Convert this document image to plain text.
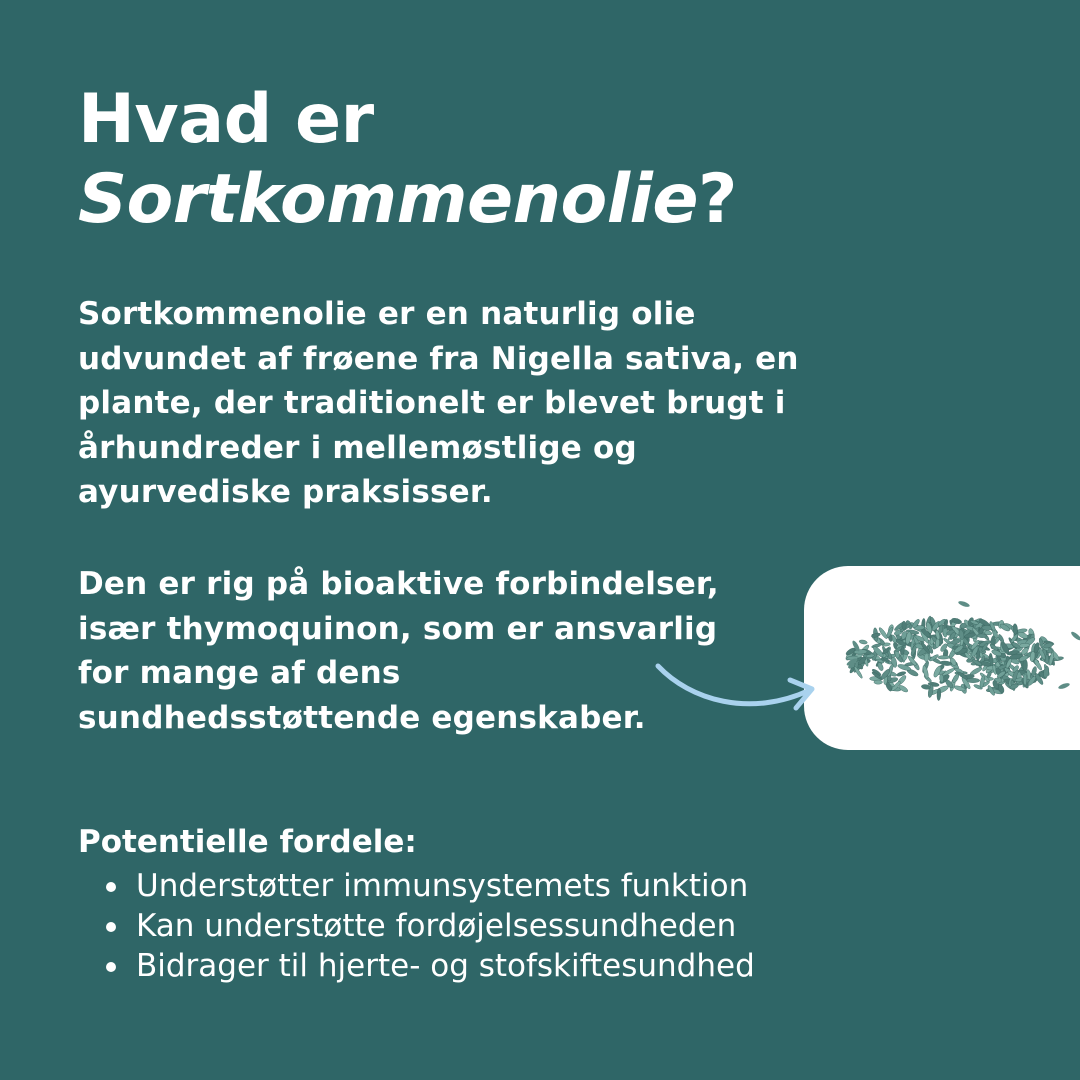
Hvad er
Sortkommenolie?

Sortkommenolie er en naturlig olie
udvundet af frøene fra Nigella sativa, en
plante, der traditionelt er blevet brugt i
århundreder i mellemøstlige og
ayurvediske praksisser.

Den er rig på bioaktive forbindelser,
især thymoquinon, som er ansvarlig
for mange af dens
sundhedsstøttende egenskaber.

Potentielle fordele:
Understøtter immunsystemets funktion
Kan understøtte fordøjelsessundheden
Bidrager til hjerte- og stofskiftesundhed
